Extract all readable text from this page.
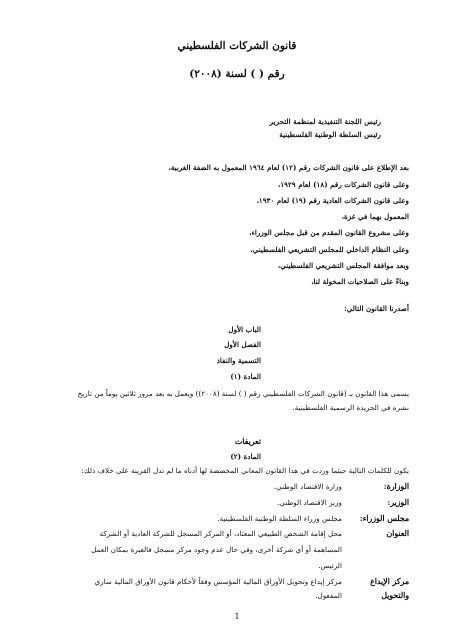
قانون الشركات الفلسطيني
رقم ( ) لسنة (٢٠٠٨)
رئيس اللجنة التنفيذية لمنظمة التحرير
رئيس السلطة الوطنية الفلسطينية
بعد الإطلاع على قانون الشركات رقم (١٢) لعام ١٩٦٤ المعمول به الضفة الغربية،
وعلى قانون الشركات رقم (١٨) لعام ١٩٢٩،
وعلى قانون الشركات العادية رقم (١٩) لعام ١٩٣٠،
المعمول بهما في غزة،
وعلى مشروع القانون المقدم من قبل مجلس الوزراء،
وعلى النظام الداخلي للمجلس التشريعي الفلسطيني،
وبعد موافقة المجلس التشريعي الفلسطيني،
وبناءً على الصلاحيات المخولة لنا،
أصدرنا القانون التالي:
الباب الأول
الفصل الأول
التسمية والنفاذ
المادة (١)
يسمى هذا القانون بـ (قانون الشركات الفلسطيني رقم ( ) لسنة (٢٠٠٨)) ويعمل به بعد مرور ثلاثين يوماً من تاريخ
نشره في الجريدة الرسمية الفلسطينية.
تعريفات
المادة (٢)
يكون للكلمات التالية حيثما وردت في هذا القانون المعاني المخصصة لها أدناه ما لم تدل القرينة على خلاف ذلك:
الوزارة:
وزارة الاقتصاد الوطني.
الوزير:
وزير الاقتصاد الوطني.
مجلس الوزراء:
مجلس وزراء السلطة الوطنية الفلسطينية.
العنوان
محل إقامة الشخص الطبيعي المعتاد، أو المركز المسجل للشركة العادية أو الشركة
المساهمة أو أي شركة أخرى، وفي حال عدم وجود مركز مسجل فالعبرة بمكان العمل
الرئيس.
مركز الإيداع
والتحويل
مركز إيداع وتحويل الأوراق المالية المؤسس وفقاً لأحكام قانون الأوراق المالية ساري
المفعول.
1
